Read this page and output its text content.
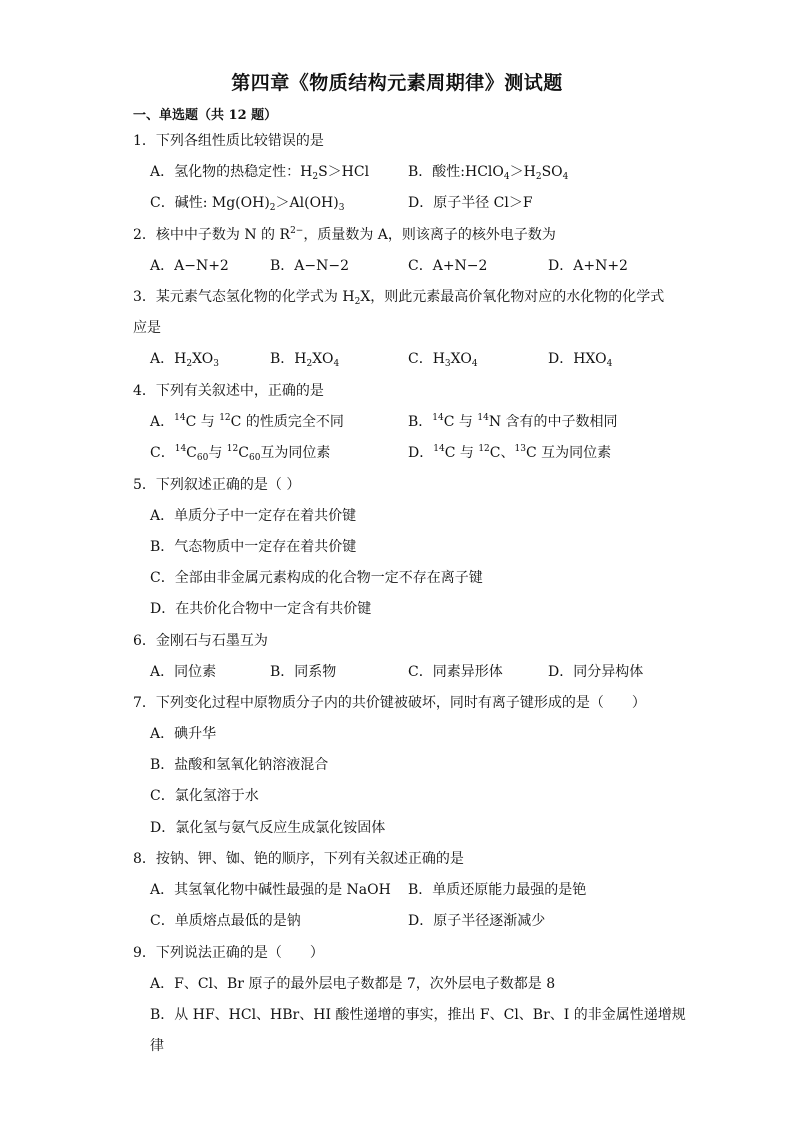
第四章《物质结构元素周期律》测试题
一、单选题（共 12 题）
1．下列各组性质比较错误的是
A．氢化物的热稳定性：$H_2S>HCl$	B．酸性$:HClO_4>H_2SO_4$
C．碱性: $Mg(OH)_2>Al(OH)_3$	D．原子半径 Cl＞F
2．核中中子数为 N 的 $R^{2-}$，质量数为 A，则该离子的核外电子数为
A．A−N+2	B．A−N−2	C．A+N−2	D．A+N+2
3．某元素气态氢化物的化学式为 $H_2X$，则此元素最高价氧化物对应的水化物的化学式
应是
A．$H_2XO_3$	B．$H_2XO_4$	C．$H_3XO_4$	D．$HXO_4$
4．下列有关叙述中，正确的是
A．$^{14}$C 与 $^{12}$C 的性质完全不同	B．$^{14}$C 与 $^{14}$N 含有的中子数相同
C．$^{14}C_{60}$与 $^{12}C_{60}$互为同位素	D．$^{14}$C 与 $^{12}$C、$^{13}$C 互为同位素
5．下列叙述正确的是（ ）
A．单质分子中一定存在着共价键
B．气态物质中一定存在着共价键
C．全部由非金属元素构成的化合物一定不存在离子键
D．在共价化合物中一定含有共价键
6．金刚石与石墨互为
A．同位素	B．同系物	C．同素异形体	D．同分异构体
7．下列变化过程中原物质分子内的共价键被破坏，同时有离子键形成的是（　　）
A．碘升华
B．盐酸和氢氧化钠溶液混合
C．氯化氢溶于水
D．氯化氢与氨气反应生成氯化铵固体
8．按钠、钾、铷、铯的顺序，下列有关叙述正确的是
A．其氢氧化物中碱性最强的是 NaOH B．单质还原能力最强的是铯
C．单质熔点最低的是钠	D．原子半径逐渐减少
9．下列说法正确的是（　　）
A．F、Cl、Br 原子的最外层电子数都是 7，次外层电子数都是 8
B．从 HF、HCl、HBr、HI 酸性递增的事实，推出 F、Cl、Br、I 的非金属性递增规
律
